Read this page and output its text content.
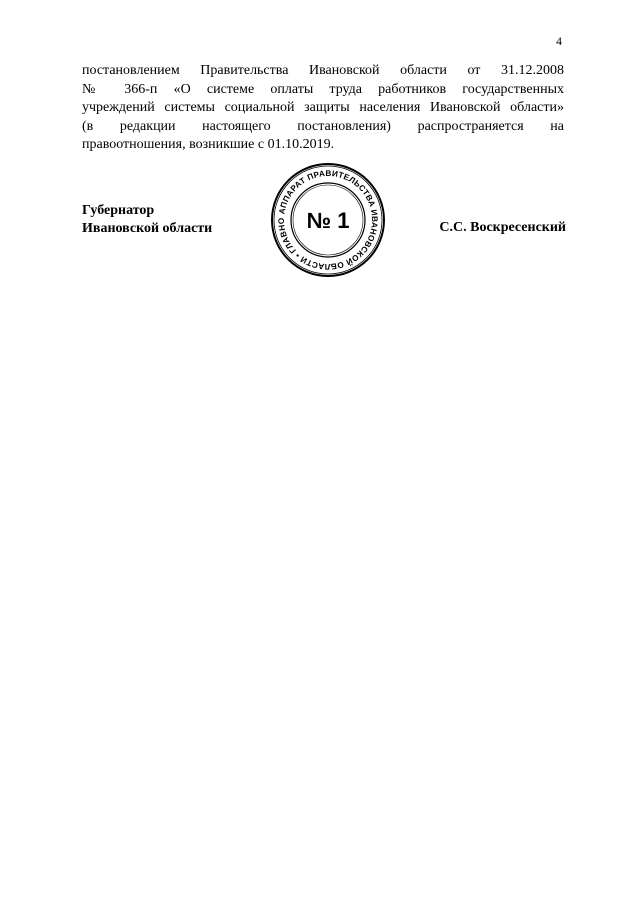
4
постановлением Правительства Ивановской области от 31.12.2008
№ 366-п «О системе оплаты труда работников государственных
учреждений системы социальной защиты населения Ивановской области»
(в редакции настоящего постановления) распространяется на
правоотношения, возникшие с 01.10.2019.
Губернатор
Ивановской области	С.С. Воскресенский
АППАРАТ ПРАВИТЕЛЬСТВА ИВАНОВСКОЙ ОБЛАСТИ • ГЛАВНО № 1
